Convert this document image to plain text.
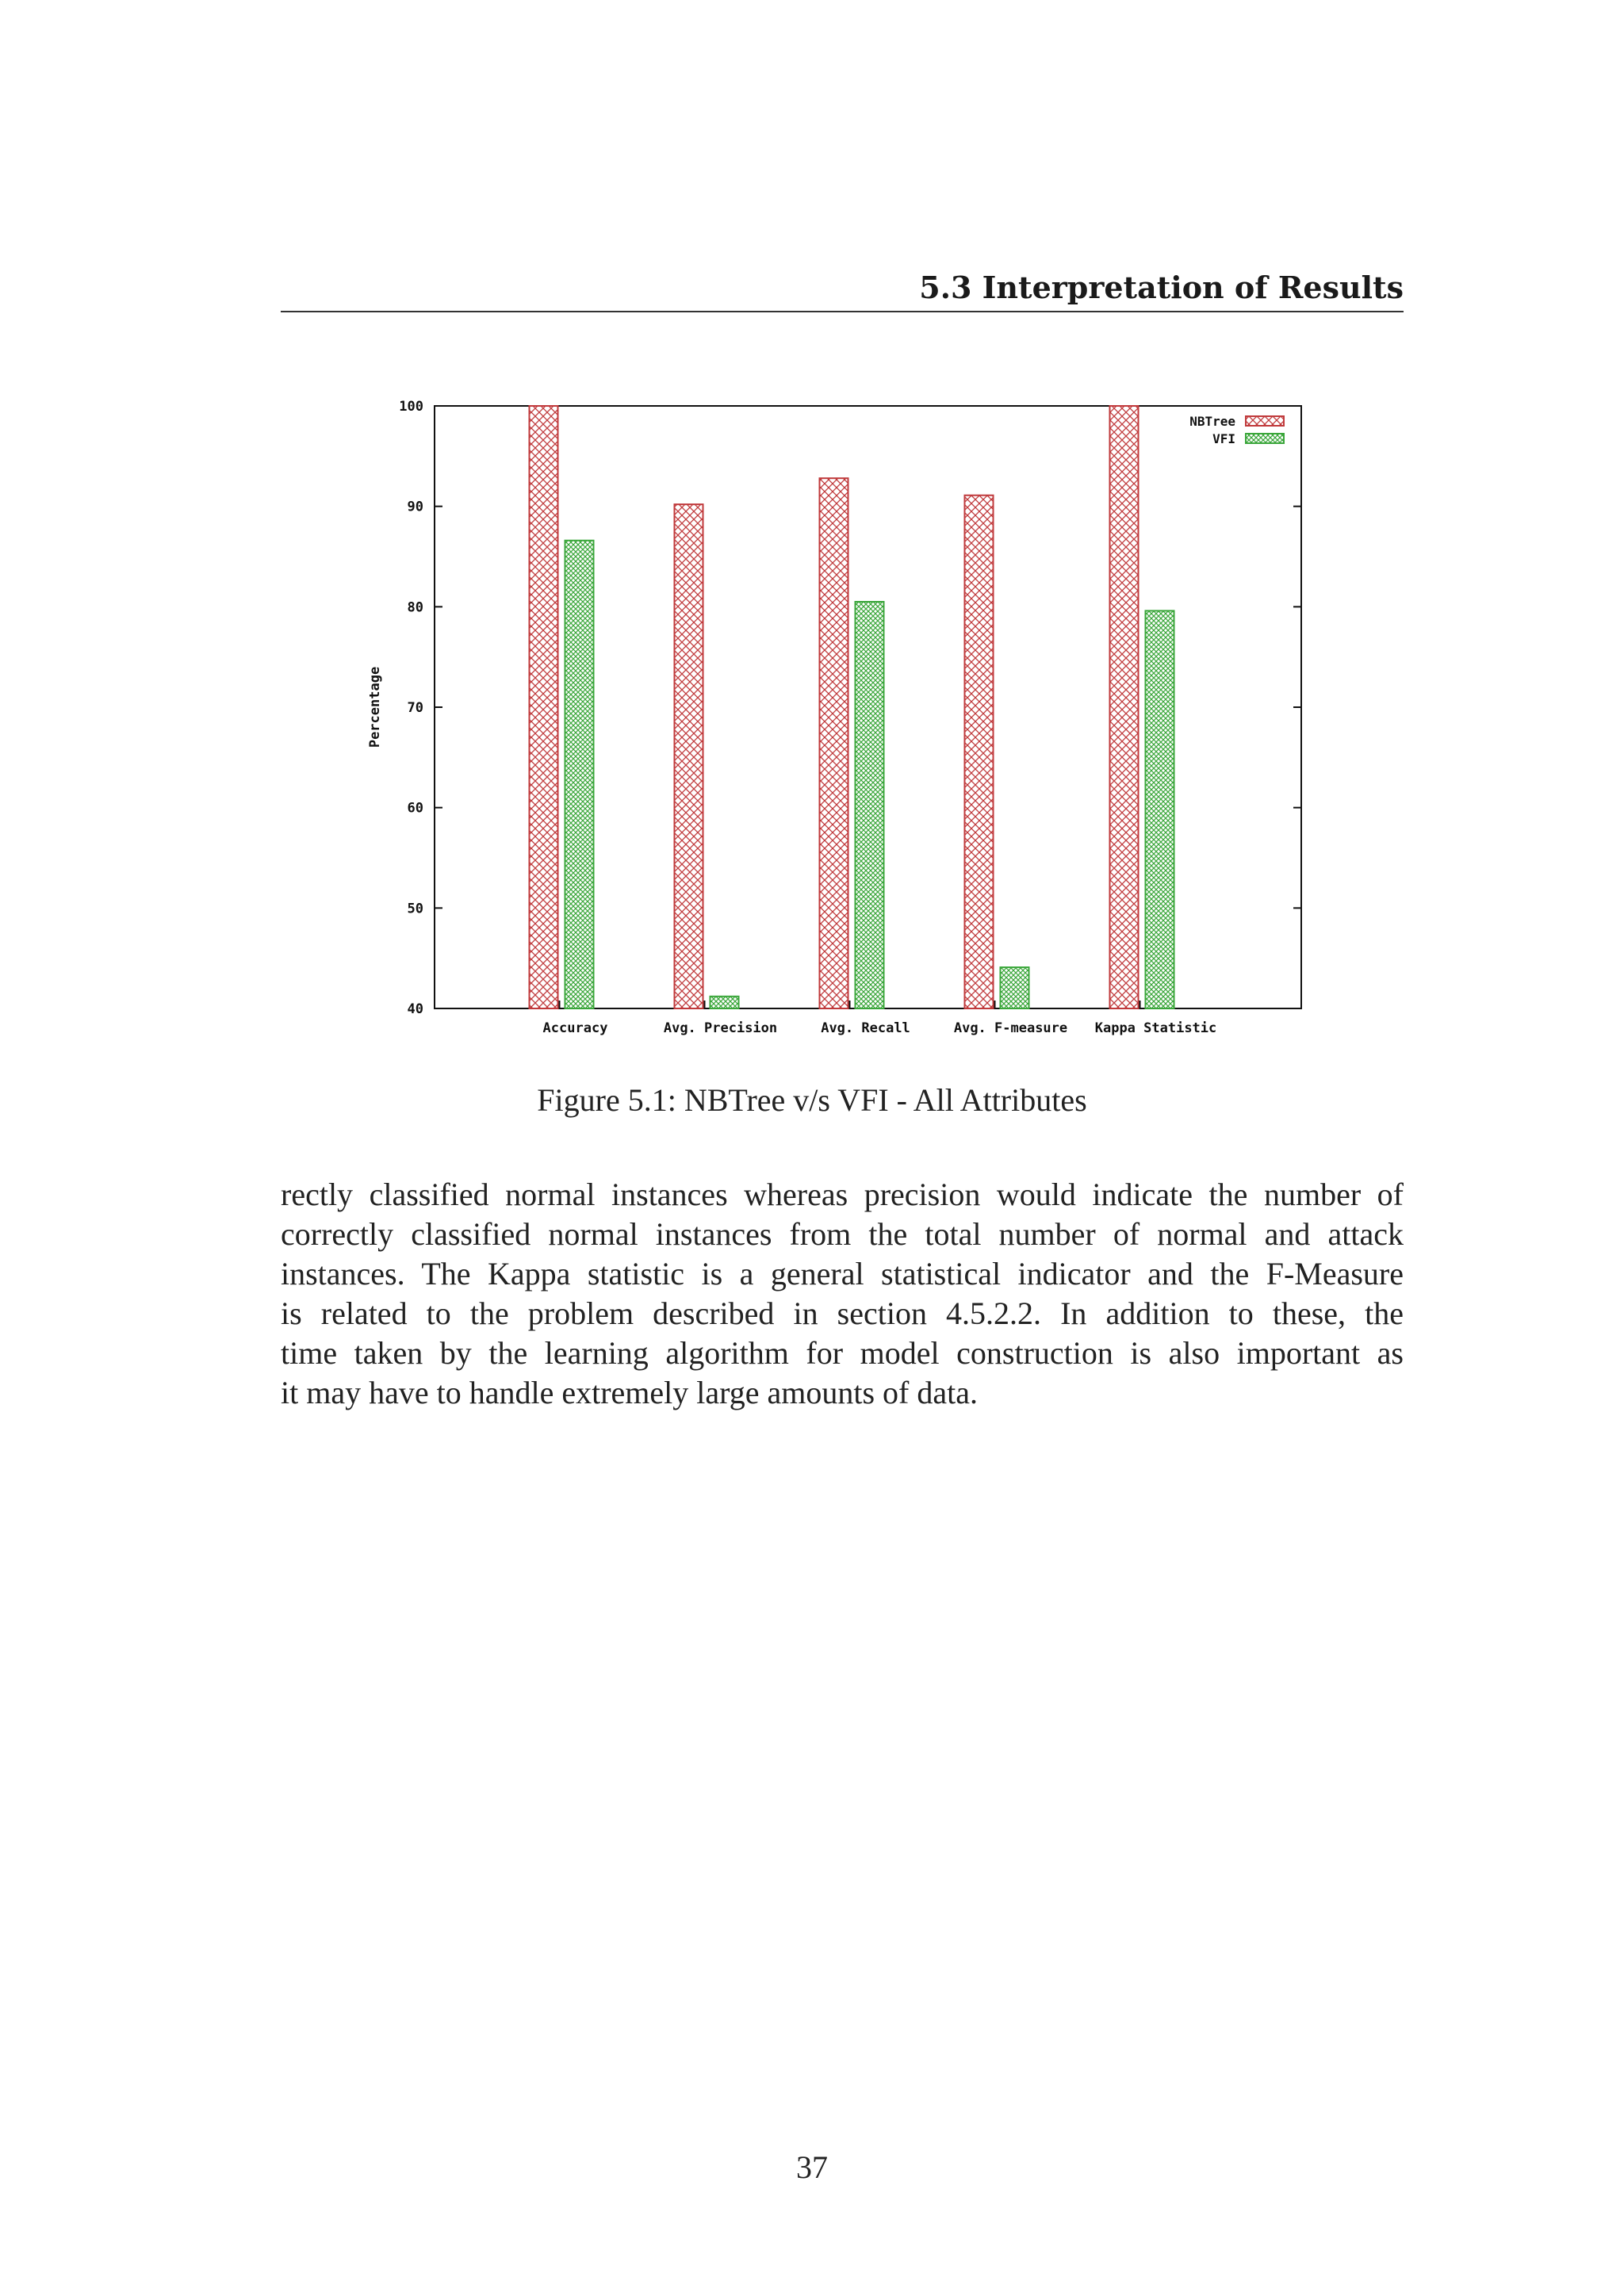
5.3 Interpretation of Results
40
50
60
70
80
90
100
Accuracy	Avg. Precision	Avg. Recall	Avg. F-measure Kappa Statistic
Percentage
NBTree
VFI
Figure 5.1: NBTree v/s VFI - All Attributes
rectly classified normal instances whereas precision would indicate the number of
correctly classified normal instances from the total number of normal and attack
instances. The Kappa statistic is a general statistical indicator and the F-Measure
is related to the problem described in section 4.5.2.2. In addition to these, the
time taken by the learning algorithm for model construction is also important as
it may have to handle extremely large amounts of data.
37
